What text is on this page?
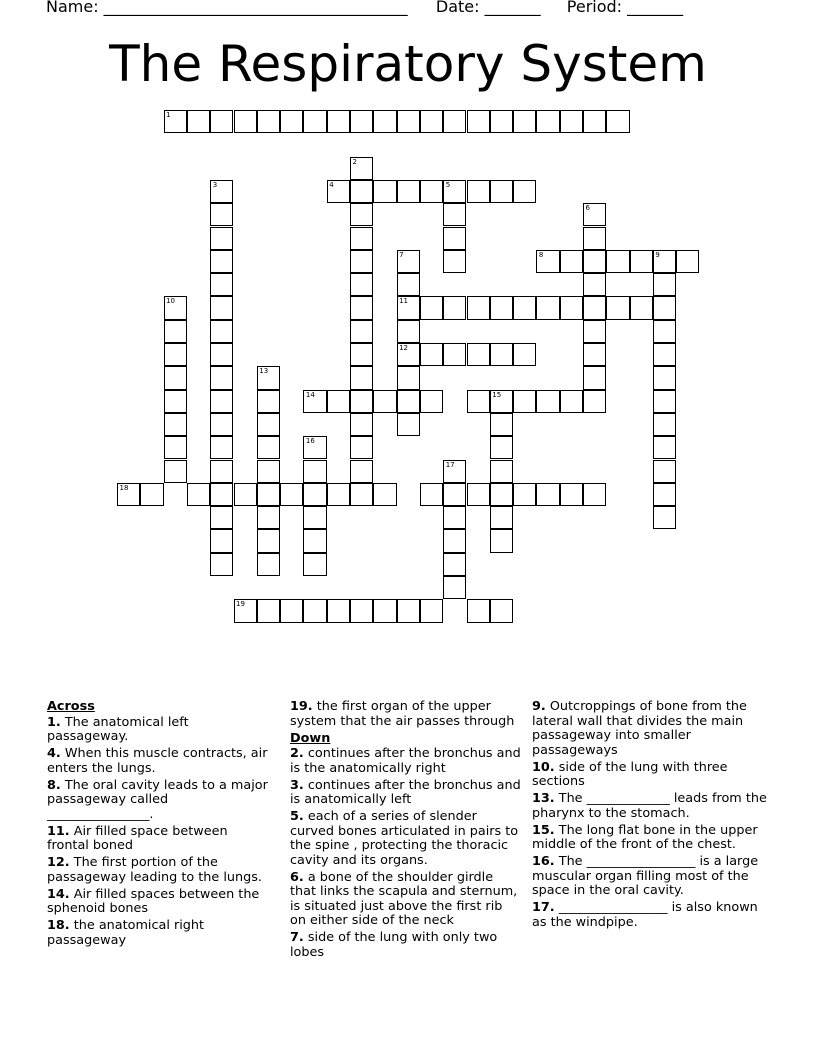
Name: ______________________________________ Date: _______ Period: _______
The Respiratory System
1
2
3	4	5
6
7
11
12
8	9
10
13
14	15
16
17
18
19

Across

1. The anatomical left passageway.

4. When this muscle contracts, air enters the lungs.

8. The oral cavity leads to a major passageway called ________________.

11. Air filled space between frontal boned

12. The first portion of the passageway leading to the lungs.

14. Air filled spaces between the sphenoid bones

18. the anatomical right passageway

19. the first organ of the upper system that the air passes through

Down

2. continues after the bronchus and is the anatomically right

3. continues after the bronchus and is anatomically left

5. each of a series of slender curved bones articulated in pairs to the spine , protecting the thoracic cavity and its organs.

6. a bone of the shoulder girdle that links the scapula and sternum, is situated just above the first rib on either side of the neck

7. side of the lung with only two lobes

9. Outcroppings of bone from the lateral wall that divides the main passageway into smaller passageways

10. side of the lung with three sections

13. The _____________ leads from the pharynx to the stomach.

15. The long flat bone in the upper middle of the front of the chest.

16. The _________________ is a large muscular organ filling most of the space in the oral cavity.

17. _________________ is also known as the windpipe.
